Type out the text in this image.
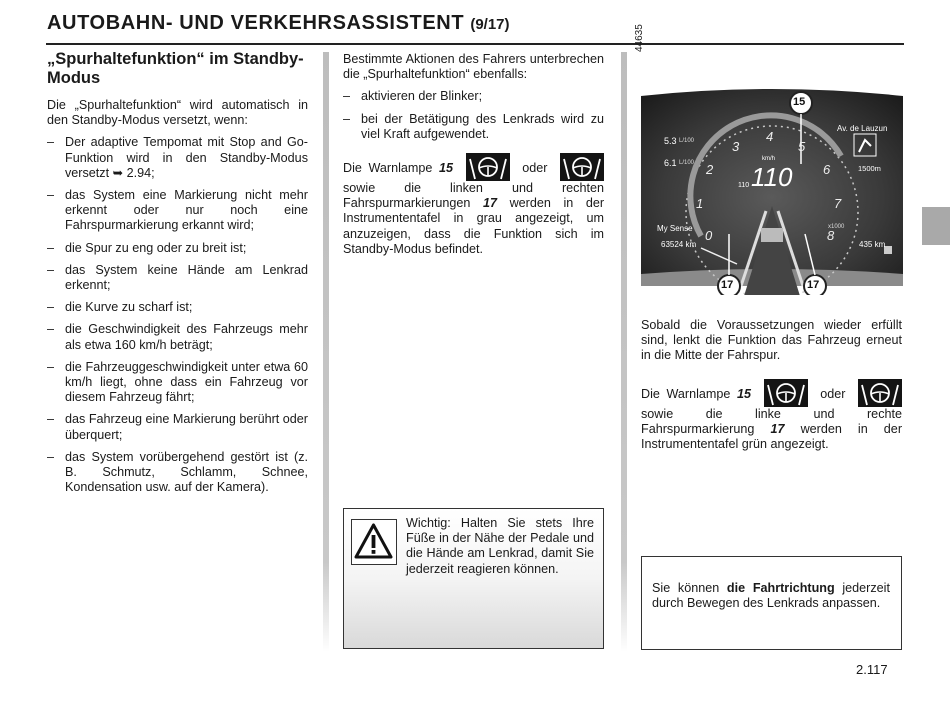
AUTOBAHN- UND VERKEHRSASSISTENT (9/17)
„Spurhaltefunktion“ im Standby-Modus

Die „Spurhaltefunktion“ wird automatisch in den Standby-Modus versetzt, wenn:

– Der adaptive Tempomat mit Stop and Go-Funktion wird in den Standby-Modus versetzt ➥ 2.94;
– das System eine Markierung nicht mehr erkennt oder nur noch eine Fahrspurmarkierung erkannt wird;
– die Spur zu eng oder zu breit ist;
– das System keine Hände am Lenkrad erkennt;
– die Kurve zu scharf ist;
– die Geschwindigkeit des Fahrzeugs mehr als etwa 160 km/h beträgt;
– die Fahrzeuggeschwindigkeit unter etwa 60 km/h liegt, ohne dass ein Fahrzeug vor diesem Fahrzeug fährt;
– das Fahrzeug eine Markierung berührt oder überquert;
– das System vorübergehend gestört ist (z. B. Schmutz, Schlamm, Schnee, Kondensation usw. auf der Kamera).

Bestimmte Aktionen des Fahrers unterbrechen die „Spurhaltefunktion“ ebenfalls:

– aktivieren der Blinker;
– bei der Betätigung des Lenkrads wird zu viel Kraft aufgewendet.

Die Warnlampe 15	oder
sowie die linken und rechten Fahrspurmarkierungen 17 werden in der Instrumententafel in grau angezeigt, um anzuzeigen, dass die Funktion sich im Standby-Modus befindet.

Wichtig: Halten Sie stets Ihre Füße in der Nähe der Pedale und die Hände am Lenkrad, damit Sie jederzeit reagieren können.
44635
Av. de Lauzun
1500m
110
km/h
110
5.3 L/100
6.1 L/100
My Sense
63524 km	435 km
x1000
0
1
2
3
4
5
6
7
8
15
17	17

Sobald die Voraussetzungen wieder erfüllt sind, lenkt die Funktion das Fahrzeug erneut in die Mitte der Fahrspur.

Die Warnlampe 15	oder
sowie die linke und rechte Fahrspurmarkierung 17 werden in der Instrumententafel grün angezeigt.

Sie können die Fahrtrichtung jederzeit durch Bewegen des Lenkrads anpassen.
2.117
